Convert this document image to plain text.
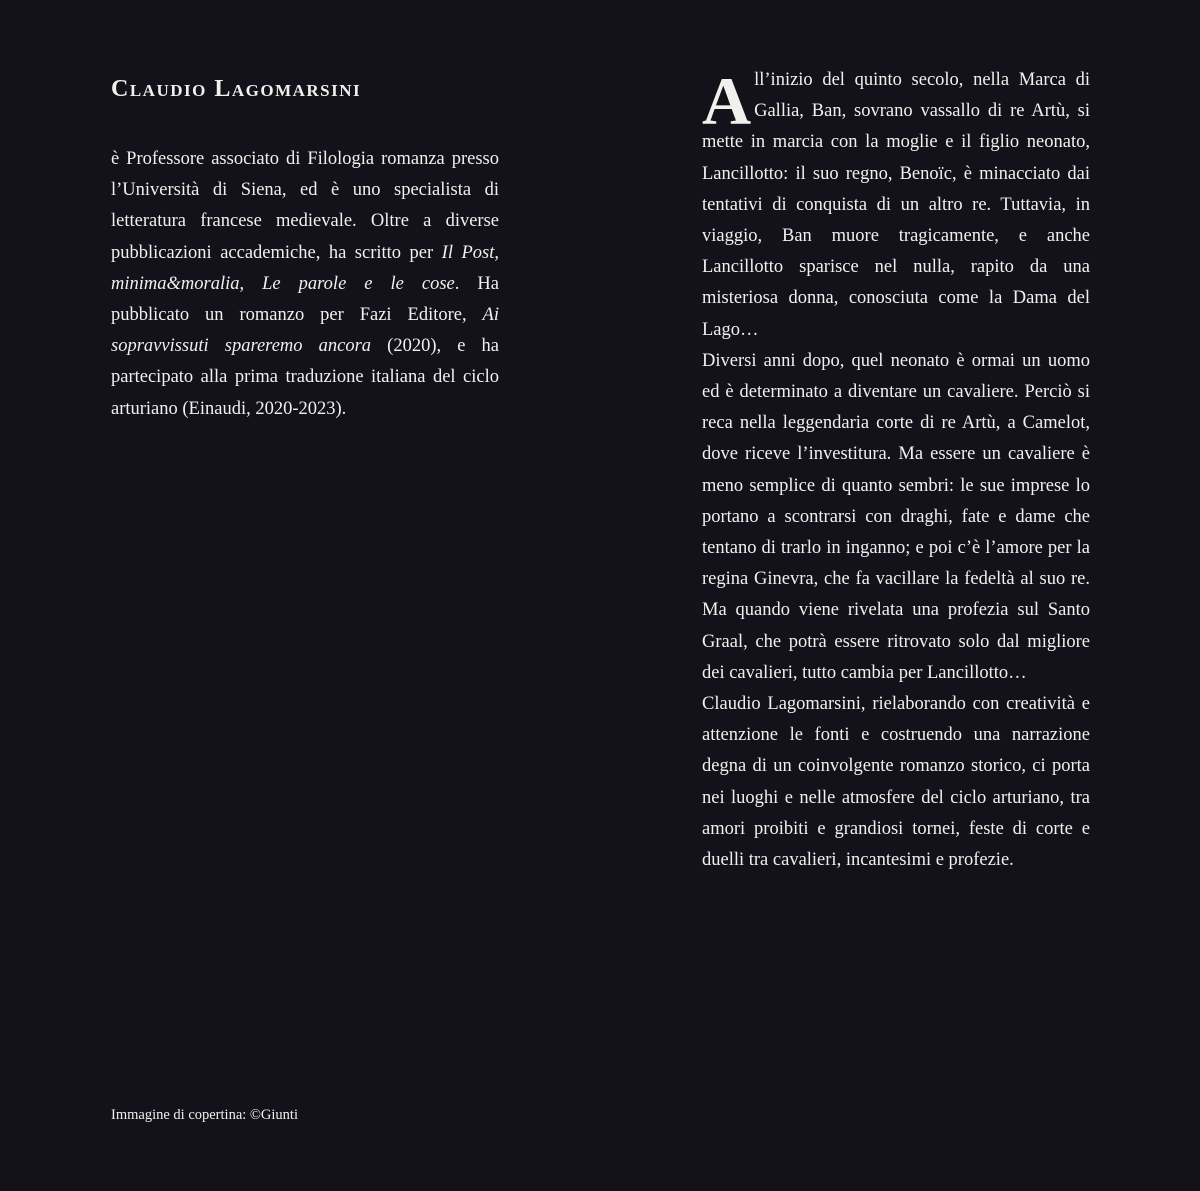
Claudio Lagomarsini

è Professore associato di Filologia romanza presso l’Università di Siena, ed è uno specialista di letteratura francese medievale. Oltre a diverse pubblicazioni accademiche, ha scritto per Il Post, minima&moralia, Le parole e le cose. Ha pubblicato un romanzo per Fazi Editore, Ai sopravvissuti spareremo ancora (2020), e ha partecipato alla prima traduzione italiana del ciclo arturiano (Einaudi, 2020-2023).

A ll’inizio del quinto secolo, nella Marca di Gallia, Ban, sovrano vassallo di re Artù, si mette in marcia con la moglie e il figlio neonato, Lancillotto: il suo regno, Benoïc, è minacciato dai tentativi di conquista di un altro re. Tuttavia, in viaggio, Ban muore tragicamente, e anche Lancillotto sparisce nel nulla, rapito da una misteriosa donna, conosciuta come la Dama del Lago…
Diversi anni dopo, quel neonato è ormai un uomo ed è determinato a diventare un cavaliere. Perciò si reca nella leggendaria corte di re Artù, a Camelot, dove riceve l’investitura. Ma essere un cavaliere è meno semplice di quanto sembri: le sue imprese lo portano a scontrarsi con draghi, fate e dame che tentano di trarlo in inganno; e poi c’è l’amore per la regina Ginevra, che fa vacillare la fedeltà al suo re. Ma quando viene rivelata una profezia sul Santo Graal, che potrà essere ritrovato solo dal migliore dei cavalieri, tutto cambia per Lancillotto…
Claudio Lagomarsini, rielaborando con creatività e attenzione le fonti e costruendo una narrazione degna di un coinvolgente romanzo storico, ci porta nei luoghi e nelle atmosfere del ciclo arturiano, tra amori proibiti e grandiosi tornei, feste di corte e duelli tra cavalieri, incantesimi e profezie.

Immagine di copertina: ©Giunti
